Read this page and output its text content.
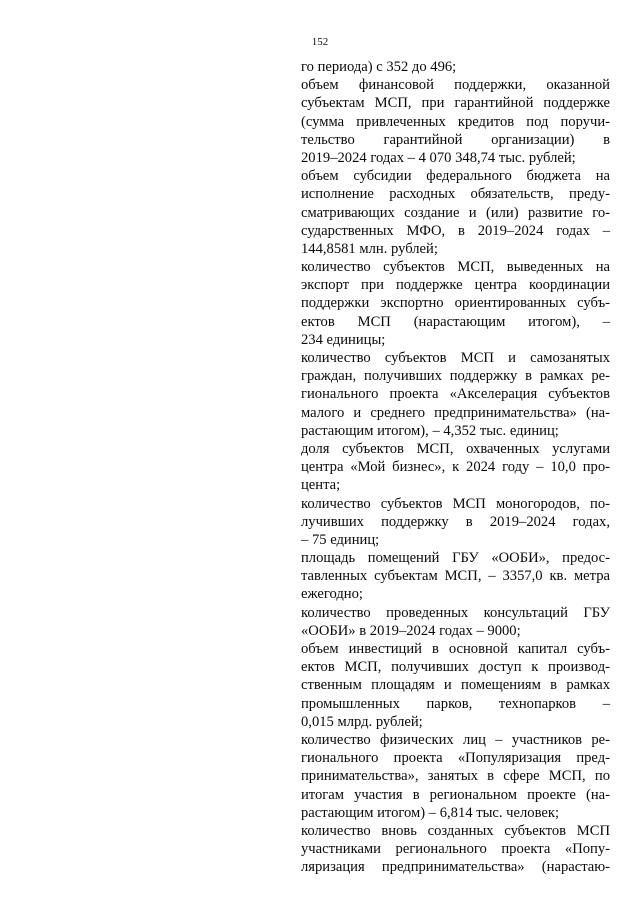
152
го периода) с 352 до 496;
объем финансовой поддержки, оказанной
субъектам МСП, при гарантийной поддержке
(сумма привлеченных кредитов под поручи-
тельство гарантийной организации) в
2019–2024 годах – 4 070 348,74 тыс. рублей;
объем субсидии федерального бюджета на
исполнение расходных обязательств, преду-
сматривающих создание и (или) развитие го-
сударственных МФО, в 2019–2024 годах –
144,8581 млн. рублей;
количество субъектов МСП, выведенных на
экспорт при поддержке центра координации
поддержки экспортно ориентированных субъ-
ектов МСП (нарастающим итогом), –
234 единицы;
количество субъектов МСП и самозанятых
граждан, получивших поддержку в рамках ре-
гионального проекта «Акселерация субъектов
малого и среднего предпринимательства» (на-
растающим итогом), – 4,352 тыс. единиц;
доля субъектов МСП, охваченных услугами
центра «Мой бизнес», к 2024 году – 10,0 про-
цента;
количество субъектов МСП моногородов, по-
лучивших поддержку в 2019–2024 годах,
– 75 единиц;
площадь помещений ГБУ «ООБИ», предос-
тавленных субъектам МСП, – 3357,0 кв. метра
ежегодно;
количество проведенных консультаций ГБУ
«ООБИ» в 2019–2024 годах – 9000;
объем инвестиций в основной капитал субъ-
ектов МСП, получивших доступ к производ-
ственным площадям и помещениям в рамках
промышленных парков, технопарков –
0,015 млрд. рублей;
количество физических лиц – участников ре-
гионального проекта «Популяризация пред-
принимательства», занятых в сфере МСП, по
итогам участия в региональном проекте (на-
растающим итогом) – 6,814 тыс. человек;
количество вновь созданных субъектов МСП
участниками регионального проекта «Попу-
ляризация предпринимательства» (нарастаю-
